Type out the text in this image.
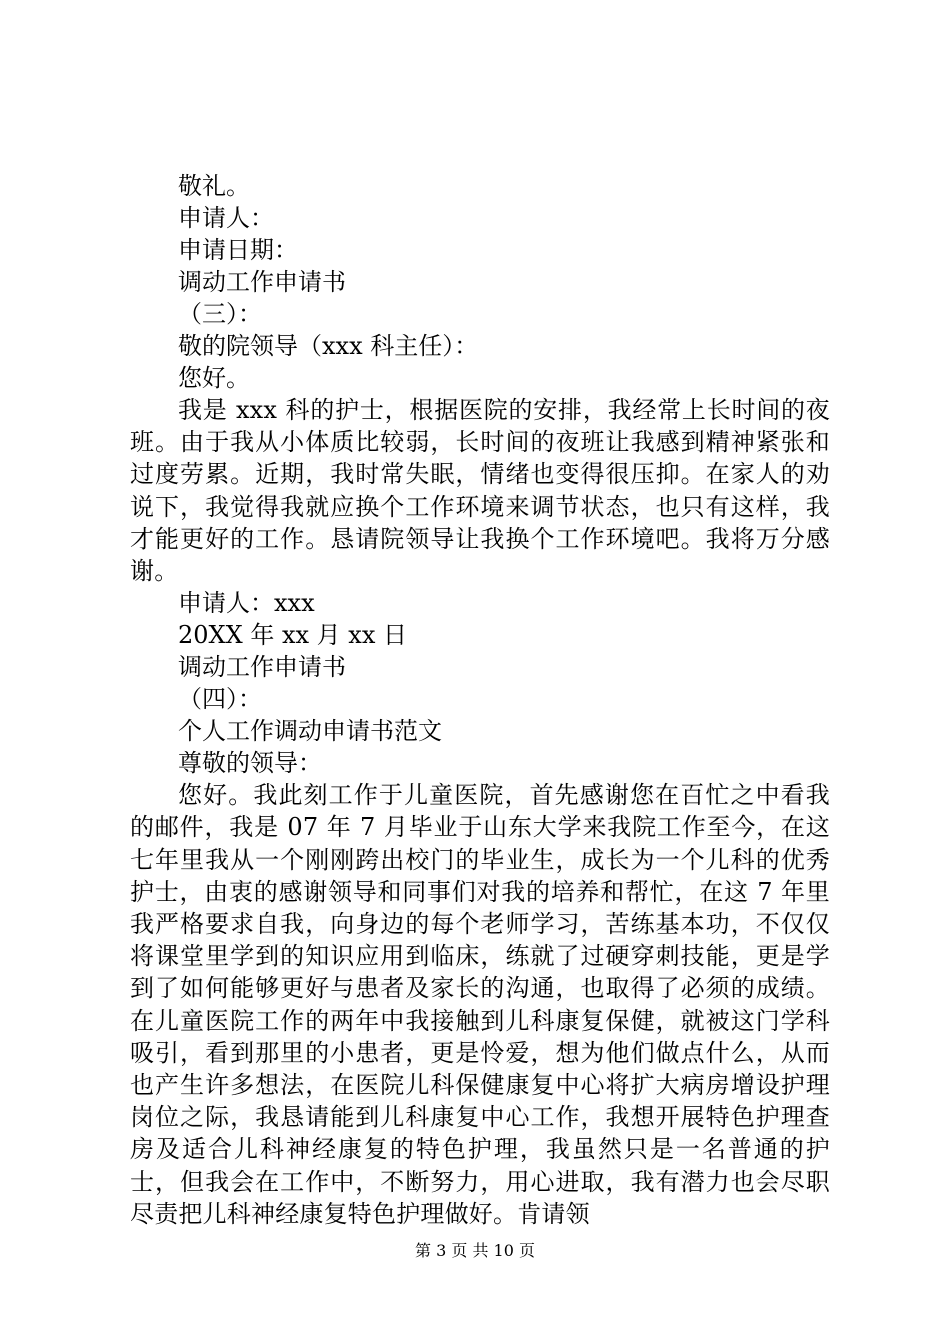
敬礼。
申请人：
申请日期：
调动工作申请书
（三）：
敬的院领导（xxx 科主任）：
您好。

我是 xxx 科的护士，根据医院的安排，我经常上长时间的夜班。由于我从小体质比较弱，长时间的夜班让我感到精神紧张和过度劳累。近期，我时常失眠，情绪也变得很压抑。在家人的劝说下，我觉得我就应换个工作环境来调节状态，也只有这样，我才能更好的工作。恳请院领导让我换个工作环境吧。我将万分感谢。

申请人：xxx
20XX 年 xx 月 xx 日
调动工作申请书
（四）：
个人工作调动申请书范文
尊敬的领导：

您好。我此刻工作于儿童医院，首先感谢您在百忙之中看我的邮件，我是 07 年 7 月毕业于山东大学来我院工作至今，在这七年里我从一个刚刚跨出校门的毕业生，成长为一个儿科的优秀护士，由衷的感谢领导和同事们对我的培养和帮忙，在这 7 年里我严格要求自我，向身边的每个老师学习，苦练基本功，不仅仅将课堂里学到的知识应用到临床，练就了过硬穿刺技能，更是学到了如何能够更好与患者及家长的沟通，也取得了必须的成绩。在儿童医院工作的两年中我接触到儿科康复保健，就被这门学科吸引，看到那里的小患者，更是怜爱，想为他们做点什么，从而也产生许多想法，在医院儿科保健康复中心将扩大病房增设护理岗位之际，我恳请能到儿科康复中心工作，我想开展特色护理查房及适合儿科神经康复的特色护理，我虽然只是一名普通的护士，但我会在工作中，不断努力，用心进取，我有潜力也会尽职尽责把儿科神经康复特色护理做好。肯请领

第 3 页 共 10 页
